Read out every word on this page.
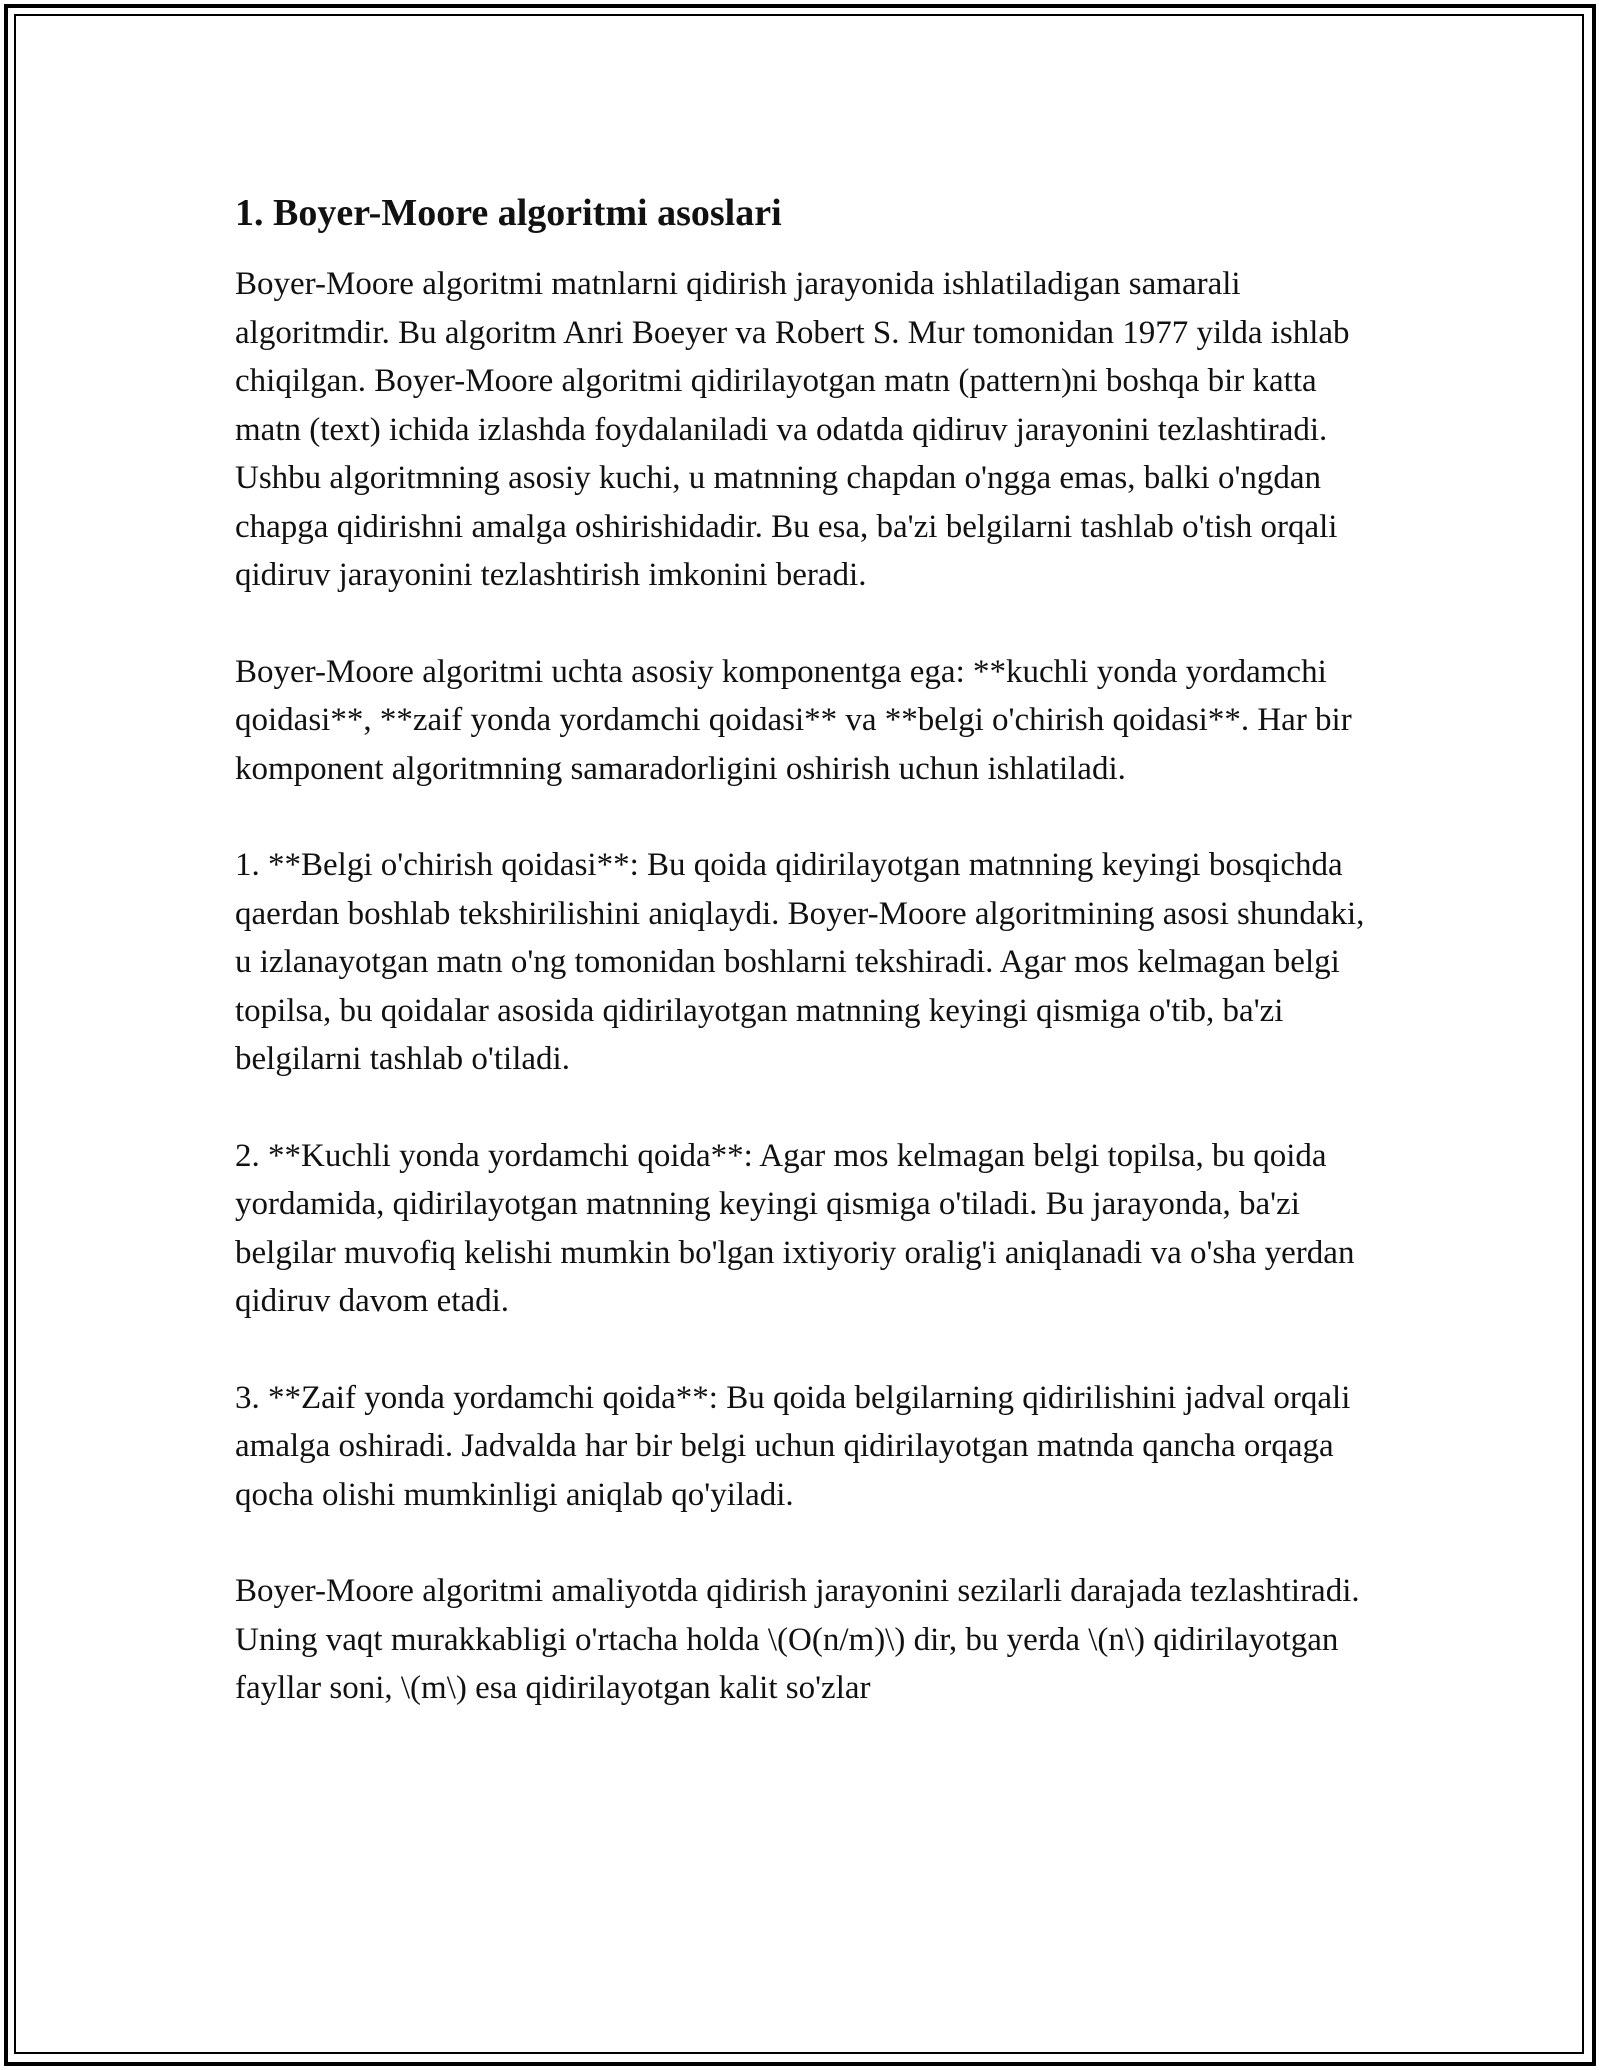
1. Boyer-Moore algoritmi asoslari

Boyer-Moore algoritmi matnlarni qidirish jarayonida ishlatiladigan samarali algoritmdir. Bu algoritm Anri Boeyer va Robert S. Mur tomonidan 1977 yilda ishlab chiqilgan. Boyer-Moore algoritmi qidirilayotgan matn (pattern)ni boshqa bir katta matn (text) ichida izlashda foydalaniladi va odatda qidiruv jarayonini tezlashtiradi. Ushbu algoritmning asosiy kuchi, u matnning chapdan o'ngga emas, balki o'ngdan chapga qidirishni amalga oshirishidadir. Bu esa, ba'zi belgilarni tashlab o'tish orqali qidiruv jarayonini tezlashtirish imkonini beradi.

Boyer-Moore algoritmi uchta asosiy komponentga ega: **kuchli yonda yordamchi qoidasi**, **zaif yonda yordamchi qoidasi** va **belgi o'chirish qoidasi**. Har bir komponent algoritmning samaradorligini oshirish uchun ishlatiladi.

1. **Belgi o'chirish qoidasi**: Bu qoida qidirilayotgan matnning keyingi bosqichda qaerdan boshlab tekshirilishini aniqlaydi. Boyer-Moore algoritmining asosi shundaki, u izlanayotgan matn o'ng tomonidan boshlarni tekshiradi. Agar mos kelmagan belgi topilsa, bu qoidalar asosida qidirilayotgan matnning keyingi qismiga o'tib, ba'zi belgilarni tashlab o'tiladi.

2. **Kuchli yonda yordamchi qoida**: Agar mos kelmagan belgi topilsa, bu qoida yordamida, qidirilayotgan matnning keyingi qismiga o'tiladi. Bu jarayonda, ba'zi belgilar muvofiq kelishi mumkin bo'lgan ixtiyoriy oralig'i aniqlanadi va o'sha yerdan qidiruv davom etadi.

3. **Zaif yonda yordamchi qoida**: Bu qoida belgilarning qidirilishini jadval orqali amalga oshiradi. Jadvalda har bir belgi uchun qidirilayotgan matnda qancha orqaga qocha olishi mumkinligi aniqlab qo'yiladi.

Boyer-Moore algoritmi amaliyotda qidirish jarayonini sezilarli darajada tezlashtiradi. Uning vaqt murakkabligi o'rtacha holda \(O(n/m)\) dir, bu yerda \(n\) qidirilayotgan fayllar soni, \(m\) esa qidirilayotgan kalit so'zlar
